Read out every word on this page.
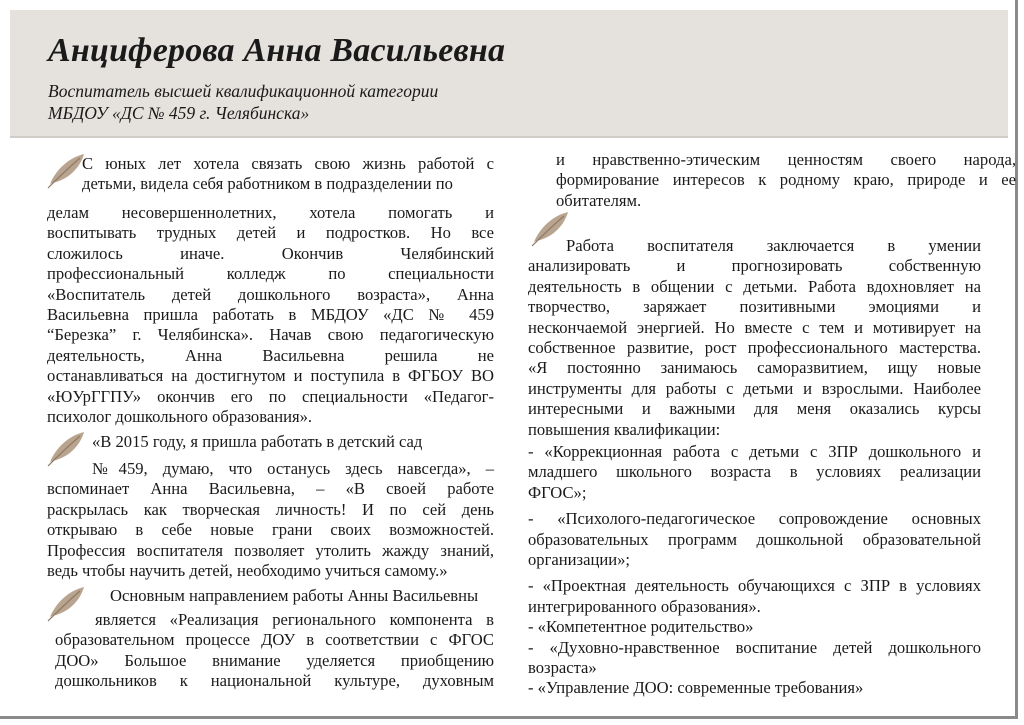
Анциферова Анна Васильевна
Воспитатель высшей квалификационной категории
МБДОУ «ДС № 459 г. Челябинска»
С юных лет хотела связать свою жизнь работой с
детьми, видела себя работником в подразделении по
делам несовершеннолетних, хотела помогать и
воспитывать трудных детей и подростков. Но все
сложилось иначе. Окончив Челябинский
профессиональный колледж по специальности
«Воспитатель детей дошкольного возраста», Анна
Васильевна пришла работать в МБДОУ «ДС № 459
“Березка” г. Челябинска». Начав свою педагогическую
деятельность, Анна Васильевна решила не
останавливаться на достигнутом и поступила в ФГБОУ ВО
«ЮУрГГПУ» окончив его по специальности «Педагог-
психолог дошкольного образования».
«В 2015 году, я пришла работать в детский сад
№459, думаю, что останусь здесь навсегда», –
вспоминает Анна Васильевна, – «В своей работе
раскрылась как творческая личность! И по сей день
открываю в себе новые грани своих возможностей.
Профессия воспитателя позволяет утолить жажду знаний,
ведь чтобы научить детей, необходимо учиться самому.»
Основным направлением работы Анны Васильевны
является «Реализация регионального компонента в
образовательном процессе ДОУ в соответствии с ФГОС
ДОО» Большое внимание уделяется приобщению
дошкольников к национальной культуре, духовным
и нравственно-этическим ценностям своего народа,
формирование интересов к родному краю, природе и ее
обитателям.
Работа воспитателя заключается в умении
анализировать и прогнозировать собственную
деятельность в общении с детьми. Работа вдохновляет на
творчество, заряжает позитивными эмоциями и
нескончаемой энергией. Но вместе с тем и мотивирует на
собственное развитие, рост профессионального мастерства.
«Я постоянно занимаюсь саморазвитием, ищу новые
инструменты для работы с детьми и взрослыми. Наиболее
интересными и важными для меня оказались курсы
повышения квалификации:
- «Коррекционная работа с детьми с ЗПР дошкольного и
младшего школьного возраста в условиях реализации
ФГОС»;
- «Психолого-педагогическое сопровождение основных
образовательных программ дошкольной образовательной
организации»;
- «Проектная деятельность обучающихся с ЗПР в условиях
интегрированного образования».
- «Компетентное родительство»
- «Духовно-нравственное воспитание детей дошкольного
возраста»
- «Управление ДОО: современные требования»
